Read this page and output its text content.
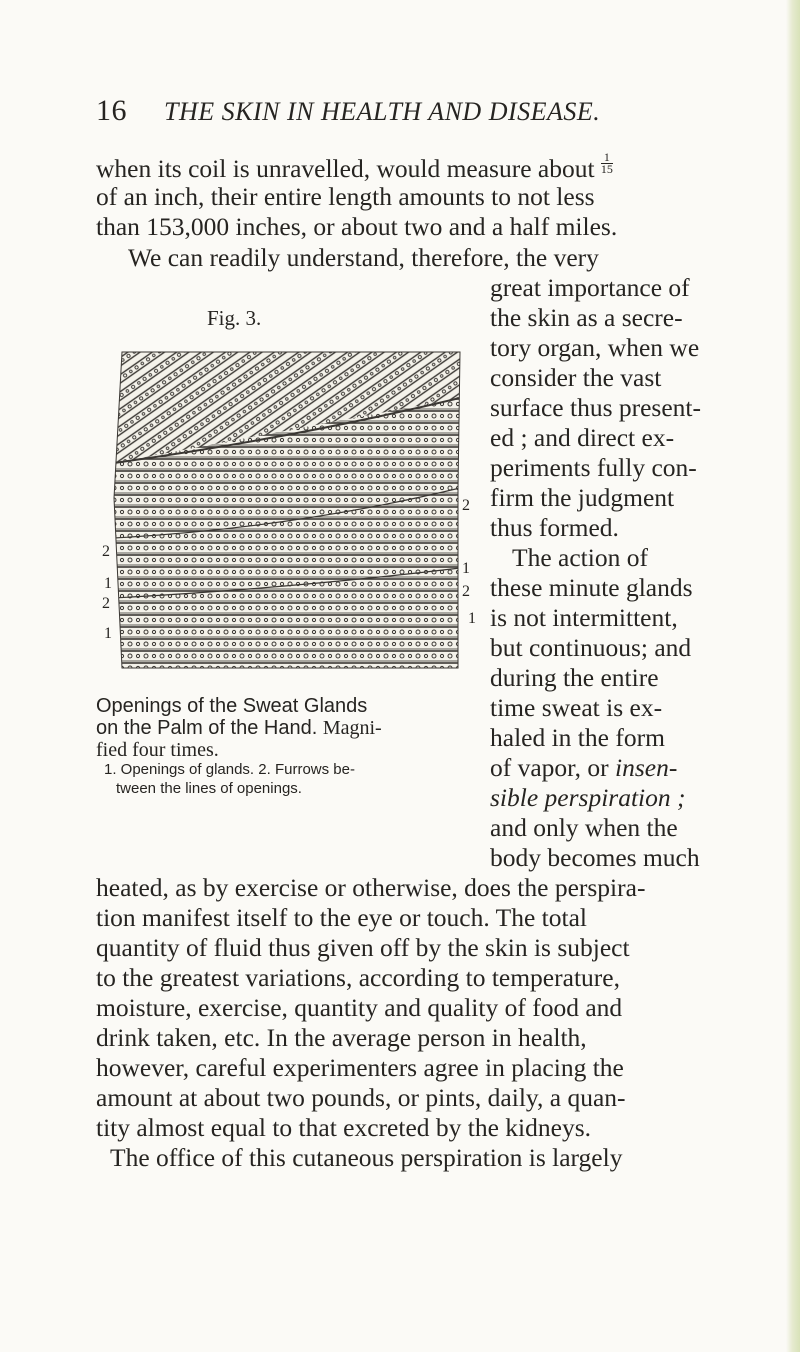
16 THE SKIN IN HEALTH AND DISEASE.
when its coil is unravelled, would measure about $\frac{1}{15}$
of an inch, their entire length amounts to not less
than 153,000 inches, or about two and a half miles.
We can readily understand, therefore, the very
great importance of
the skin as a secre-
tory organ, when we
consider the vast
surface thus present-
ed ; and direct ex-
periments fully con-
firm the judgment
thus formed.
The action of
these minute glands
is not intermittent,
but continuous; and
during the entire
time sweat is ex-
haled in the form
of vapor, or insen-
sible perspiration ;
and only when the
body becomes much
Fig. 3.
2
2
1
1	2
2
1
1
Openings of the Sweat Glands
on the Palm of the Hand. Magni-
fied four times.
1. Openings of glands. 2. Furrows be-
tween the lines of openings.
heated, as by exercise or otherwise, does the perspira-
tion manifest itself to the eye or touch. The total
quantity of fluid thus given off by the skin is subject
to the greatest variations, according to temperature,
moisture, exercise, quantity and quality of food and
drink taken, etc. In the average person in health,
however, careful experimenters agree in placing the
amount at about two pounds, or pints, daily, a quan-
tity almost equal to that excreted by the kidneys.
The office of this cutaneous perspiration is largely
